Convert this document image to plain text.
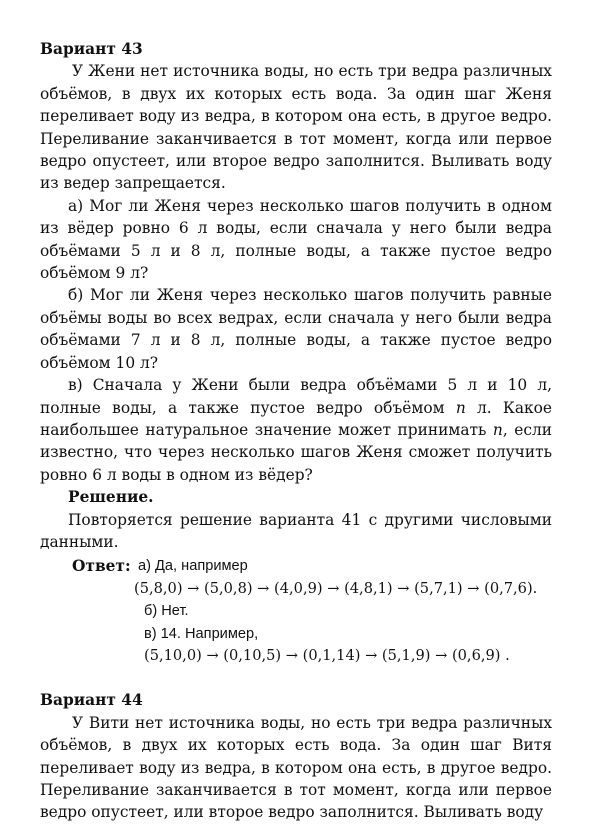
Вариант 43

У Жени нет источника воды, но есть три ведра различных объёмов, в двух их которых есть вода. За один шаг Женя переливает воду из ведра, в котором она есть, в другое ведро. Переливание заканчивается в тот момент, когда или первое ведро опустеет, или второе ведро заполнится. Выливать воду из ведер запрещается.

а) Мог ли Женя через несколько шагов получить в одном из вёдер ровно 6 л воды, если сначала у него были ведра объёмами 5 л и 8 л, полные воды, а также пустое ведро объёмом 9 л?

б) Мог ли Женя через несколько шагов получить равные объёмы воды во всех ведрах, если сначала у него были ведра объёмами 7 л и 8 л, полные воды, а также пустое ведро объёмом 10 л?

в) Сначала у Жени были ведра объёмами 5 л и 10 л, полные воды, а также пустое ведро объёмом n л. Какое наибольшее натуральное значение может принимать n, если известно, что через несколько шагов Женя сможет получить ровно 6 л воды в одном из вёдер?

Решение.

Повторяется решение варианта 41 с другими числовыми данными.

Ответ: а) Да, например

(5,8,0) → (5,0,8) → (4,0,9) → (4,8,1) → (5,7,1) → (0,7,6).

б) Нет.

в) 14. Например,

(5,10,0) → (0,10,5) → (0,1,14) → (5,1,9) → (0,6,9) .

Вариант 44

У Вити нет источника воды, но есть три ведра различных объёмов, в двух их которых есть вода. За один шаг Витя переливает воду из ведра, в котором она есть, в другое ведро. Переливание заканчивается в тот момент, когда или первое ведро опустеет, или второе ведро заполнится. Выливать воду
